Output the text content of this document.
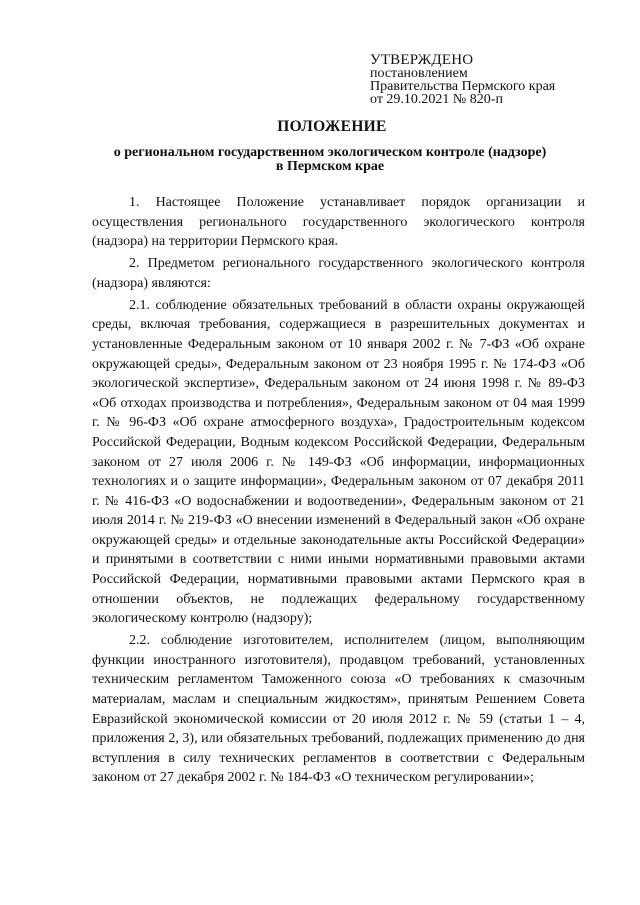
УТВЕРЖДЕНО
постановлением
Правительства Пермского края
от 29.10.2021 № 820-п
ПОЛОЖЕНИЕ
о региональном государственном экологическом контроле (надзоре)
в Пермском крае

1. Настоящее Положение устанавливает порядок организации и осуществления регионального государственного экологического контроля (надзора) на территории Пермского края.

2. Предметом регионального государственного экологического контроля (надзора) являются:

2.1. соблюдение обязательных требований в области охраны окружающей среды, включая требования, содержащиеся в разрешительных документах и установленные Федеральным законом от 10 января 2002 г. № 7-ФЗ «Об охране окружающей среды», Федеральным законом от 23 ноября 1995 г. № 174-ФЗ «Об экологической экспертизе», Федеральным законом от 24 июня 1998 г. № 89-ФЗ «Об отходах производства и потребления», Федеральным законом от 04 мая 1999 г. № 96-ФЗ «Об охране атмосферного воздуха», Градостроительным кодексом Российской Федерации, Водным кодексом Российской Федерации, Федеральным законом от 27 июля 2006 г. № 149-ФЗ «Об информации, информационных технологиях и о защите информации», Федеральным законом от 07 декабря 2011 г. № 416-ФЗ «О водоснабжении и водоотведении», Федеральным законом от 21 июля 2014 г. № 219-ФЗ «О внесении изменений в Федеральный закон «Об охране окружающей среды» и отдельные законодательные акты Российской Федерации» и принятыми в соответствии с ними иными нормативными правовыми актами Российской Федерации, нормативными правовыми актами Пермского края в отношении объектов, не подлежащих федеральному государственному экологическому контролю (надзору);

2.2. соблюдение изготовителем, исполнителем (лицом, выполняющим функции иностранного изготовителя), продавцом требований, установленных техническим регламентом Таможенного союза «О требованиях к смазочным материалам, маслам и специальным жидкостям», принятым Решением Совета Евразийской экономической комиссии от 20 июля 2012 г. № 59 (статьи 1 – 4, приложения 2, 3), или обязательных требований, подлежащих применению до дня вступления в силу технических регламентов в соответствии с Федеральным законом от 27 декабря 2002 г. № 184-ФЗ «О техническом регулировании»;
